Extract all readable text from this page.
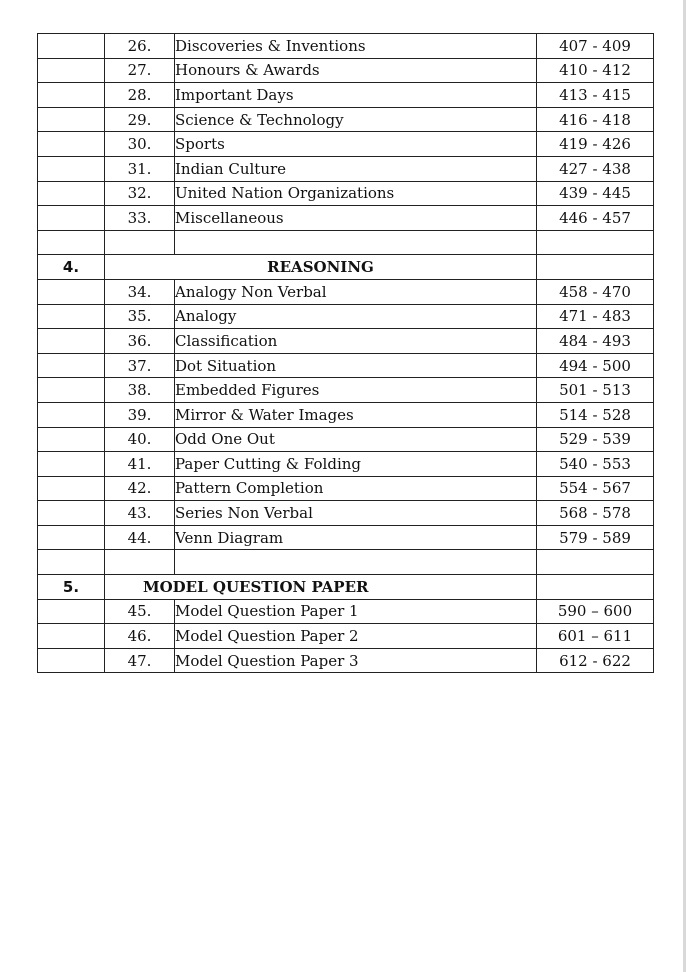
	26.	Discoveries & Inventions	407 - 409
	27.	Honours & Awards	410 - 412
	28.	Important Days	413 - 415
	29.	Science & Technology	416 - 418
	30.	Sports	419 - 426
	31.	Indian Culture	427 - 438
	32.	United Nation Organizations	439 - 445
	33.	Miscellaneous	446 - 457

4.	REASONING		
	34.	Analogy Non Verbal	458 - 470
	35.	Analogy	471 - 483
	36.	Classification	484 - 493
	37.	Dot Situation	494 - 500
	38.	Embedded Figures	501 - 513
	39.	Mirror & Water Images	514 - 528
	40.	Odd One Out	529 - 539
	41.	Paper Cutting & Folding	540 - 553
	42.	Pattern Completion	554 - 567
	43.	Series Non Verbal	568 - 578
	44.	Venn Diagram	579 - 589

5.	MODEL QUESTION PAPER		
	45.	Model Question Paper 1	590 – 600
	46.	Model Question Paper 2	601 – 611
	47.	Model Question Paper 3	612 - 622
